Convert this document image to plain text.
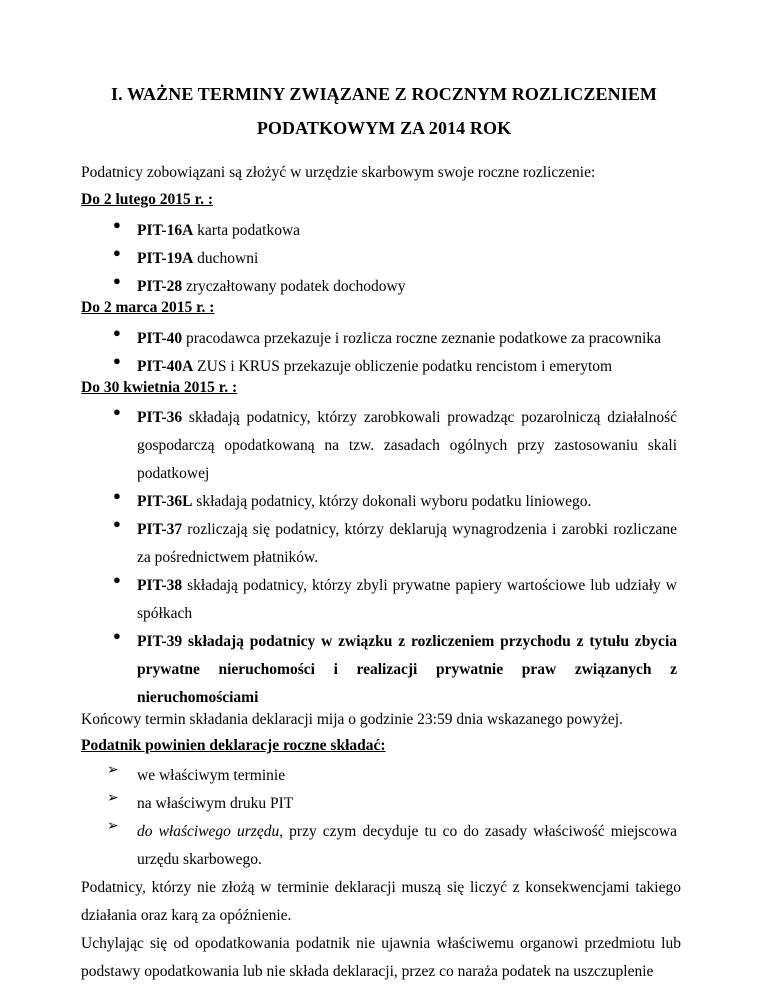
I. WAŻNE TERMINY ZWIĄZANE Z ROCZNYM ROZLICZENIEM
PODATKOWYM ZA 2014 ROK
Podatnicy zobowiązani są złożyć w urzędzie skarbowym swoje roczne rozliczenie:
Do 2 lutego 2015 r. :
● PIT-16A karta podatkowa
● PIT-19A duchowni
● PIT-28 zryczałtowany podatek dochodowy
Do 2 marca 2015 r. :
● PIT-40 pracodawca przekazuje i rozlicza roczne zeznanie podatkowe za pracownika
● PIT-40A ZUS i KRUS przekazuje obliczenie podatku rencistom i emerytom
Do 30 kwietnia 2015 r. :
● PIT-36 składają podatnicy, którzy zarobkowali prowadząc pozarolniczą działalność gospodarczą opodatkowaną na tzw. zasadach ogólnych przy zastosowaniu skali podatkowej
● PIT-36L składają podatnicy, którzy dokonali wyboru podatku liniowego.
● PIT-37 rozliczają się podatnicy, którzy deklarują wynagrodzenia i zarobki rozliczane za pośrednictwem płatników.
● PIT-38 składają podatnicy, którzy zbyli prywatne papiery wartościowe lub udziały w spółkach
● PIT-39 składają podatnicy w związku z rozliczeniem przychodu z tytułu zbycia prywatne nieruchomości i realizacji prywatnie praw związanych z nieruchomościami
Końcowy termin składania deklaracji mija o godzinie 23:59 dnia wskazanego powyżej.
Podatnik powinien deklaracje roczne składać:
➢ we właściwym terminie
➢ na właściwym druku PIT
➢ do właściwego urzędu, przy czym decyduje tu co do zasady właściwość miejscowa urzędu skarbowego.
Podatnicy, którzy nie złożą w terminie deklaracji muszą się liczyć z konsekwencjami takiego działania oraz karą za opóźnienie.
Uchylając się od opodatkowania podatnik nie ujawnia właściwemu organowi przedmiotu lub podstawy opodatkowania lub nie składa deklaracji, przez co naraża podatek na uszczuplenie
